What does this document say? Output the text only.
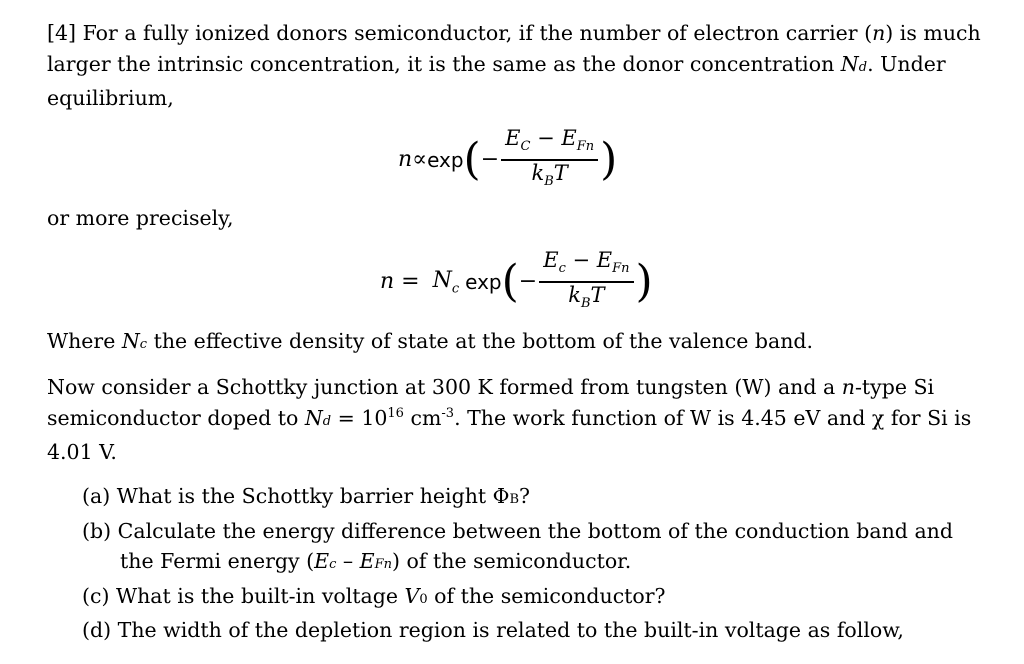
[4] For a fully ionized donors semiconductor, if the number of electron carrier (n) is much larger the intrinsic concentration, it is the same as the donor concentration Nd. Under equilibrium,

n ∝ exp ( − $\frac{E_C - E_{Fn}}{k_BT}$ )

or more precisely,

$n = N_c$ exp ( − $\frac{E_c - E_{Fn}}{k_BT}$ )

Where Nc the effective density of state at the bottom of the valence band.

Now consider a Schottky junction at 300 K formed from tungsten (W) and a n-type Si semiconductor doped to $Nd = 10^{16}$ $cm^{-3}$. The work function of W is 4.45 eV and χ for Si is 4.01 V.

(a) What is the Schottky barrier height ΦB?
(b) Calculate the energy difference between the bottom of the conduction band and the Fermi energy (Ec – EFn) of the semiconductor.
(c) What is the built-in voltage V0 of the semiconductor?
(d) The width of the depletion region is related to the built-in voltage as follow,
